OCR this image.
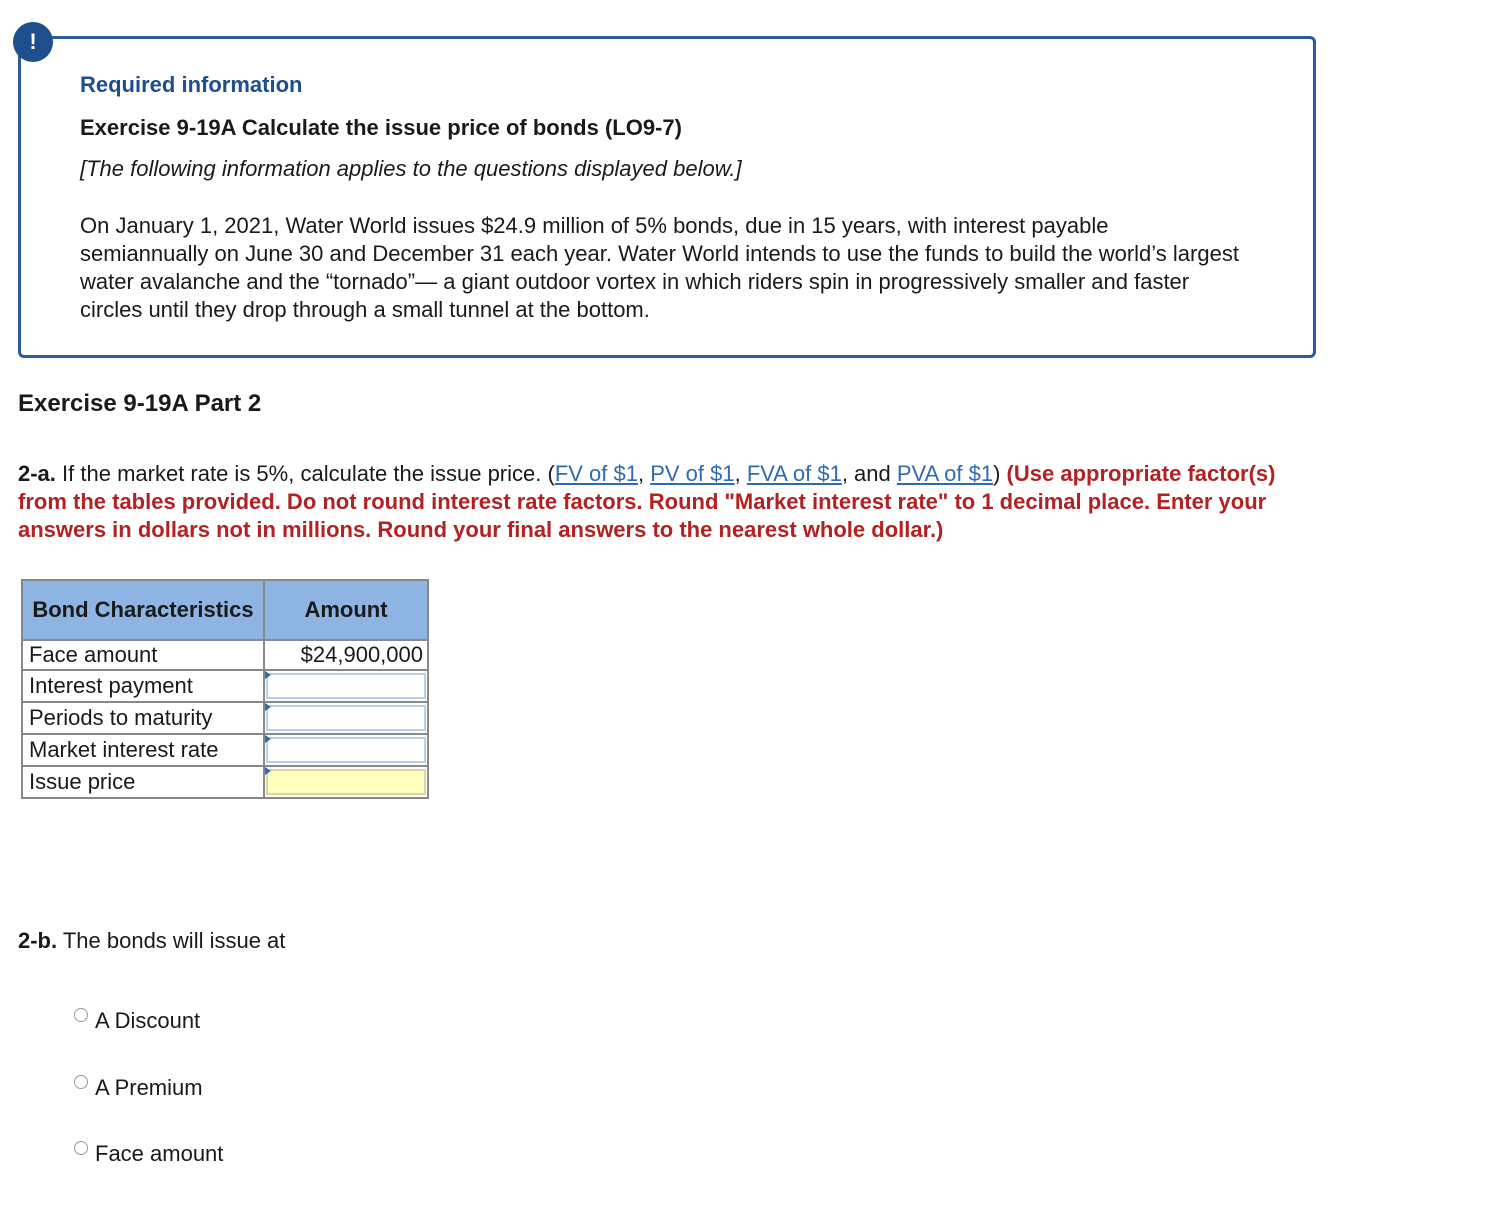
!
Required information
Exercise 9-19A Calculate the issue price of bonds (LO9-7)
[The following information applies to the questions displayed below.]
On January 1, 2021, Water World issues $24.9 million of 5% bonds, due in 15 years, with interest payable semiannually on June 30 and December 31 each year. Water World intends to use the funds to build the world’s largest water avalanche and the “tornado”— a giant outdoor vortex in which riders spin in progressively smaller and faster circles until they drop through a small tunnel at the bottom.
Exercise 9-19A Part 2
2-a. If the market rate is 5%, calculate the issue price. (FV of $1, PV of $1, FVA of $1, and PVA of $1) (Use appropriate factor(s) from the tables provided. Do not round interest rate factors. Round "Market interest rate" to 1 decimal place. Enter your answers in dollars not in millions. Round your final answers to the nearest whole dollar.)
Bond Characteristics	Amount
Face amount	$24,900,000
Interest payment	

Periods to maturity	

Market interest rate	

Issue price	
2-b. The bonds will issue at
A Discount
A Premium
Face amount
